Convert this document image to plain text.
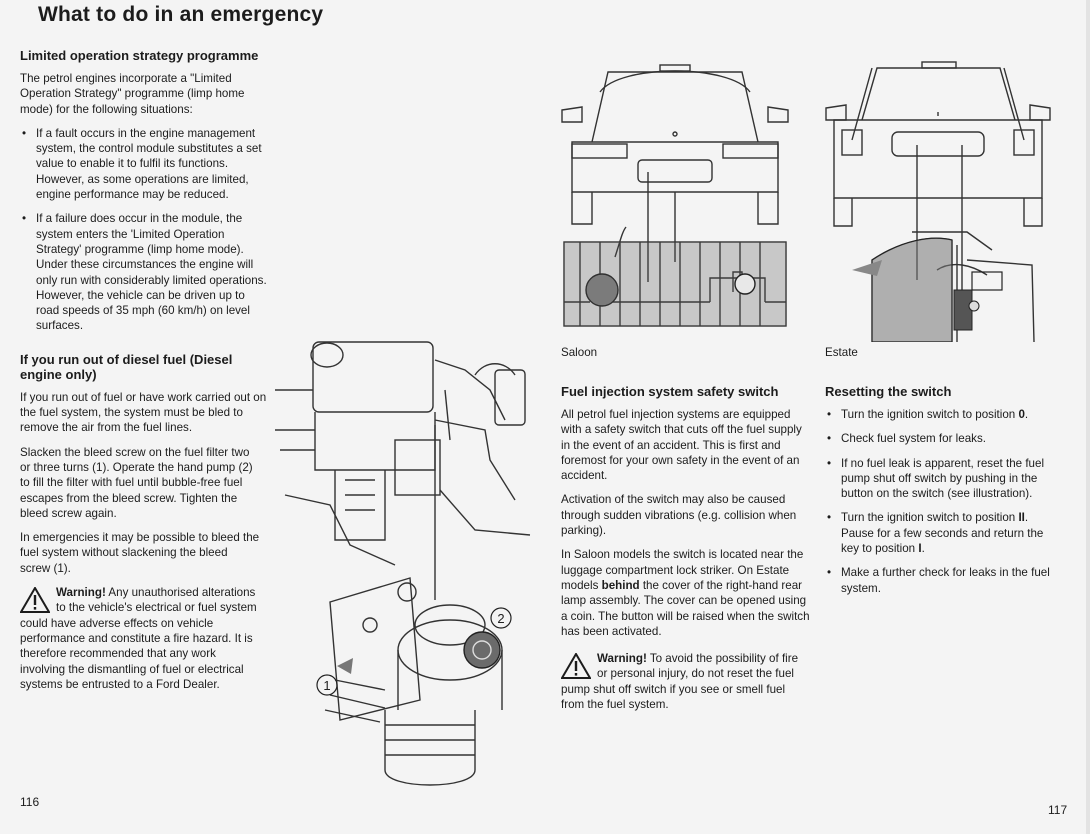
What to do in an emergency
Limited operation strategy programme

The petrol engines incorporate a "Limited Operation Strategy" programme (limp home mode) for the following situations:

• If a fault occurs in the engine management system, the control module substitutes a set value to enable it to fulfil its functions. However, as some operations are limited, engine performance may be reduced.
• If a failure does occur in the module, the system enters the 'Limited Operation Strategy' programme (limp home mode). Under these circumstances the engine will only run with considerably limited operations. However, the vehicle can be driven up to road speeds of 35 mph (60 km/h) on level surfaces.
If you run out of diesel fuel (Diesel engine only)

If you run out of fuel or have work carried out on the fuel system, the system must be bled to remove the air from the fuel lines.

Slacken the bleed screw on the fuel filter two or three turns (1). Operate the hand pump (2) to fill the filter with fuel until bubble-free fuel escapes from the bleed screw. Tighten the bleed screw again.

In emergencies it may be possible to bleed the fuel system without slackening the bleed screw (1).

Warning! Any unauthorised alterations to the vehicle's electrical or fuel system could have adverse effects on vehicle performance and constitute a fire hazard. It is therefore recommended that any work involving the dismantling of fuel or electrical systems be entrusted to a Ford Dealer.	1
2
Saloon	Estate
Fuel injection system safety switch

All petrol fuel injection systems are equipped with a safety switch that cuts off the fuel supply in the event of an accident. This is first and foremost for your own safety in the event of an accident.

Activation of the switch may also be caused through sudden vibrations (e.g. collision when parking).

In Saloon models the switch is located near the luggage compartment lock striker. On Estate models behind the cover of the right-hand rear lamp assembly. The cover can be opened using a coin. The button will be raised when the switch has been activated.

Warning! To avoid the possibility of fire or personal injury, do not reset the fuel pump shut off switch if you see or smell fuel from the fuel system.
Resetting the switch
• Turn the ignition switch to position 0.
• Check fuel system for leaks.
• If no fuel leak is apparent, reset the fuel pump shut off switch by pushing in the button on the switch (see illustration).
• Turn the ignition switch to position II. Pause for a few seconds and return the key to position I.
• Make a further check for leaks in the fuel system.
116
117
